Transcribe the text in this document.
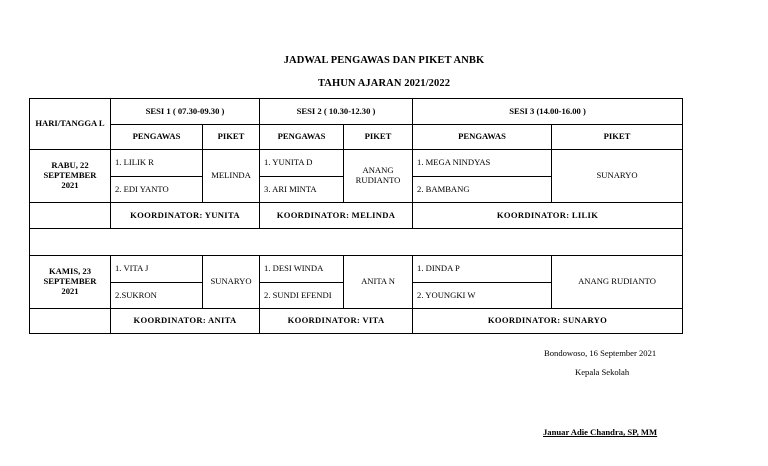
JADWAL PENGAWAS DAN PIKET ANBK
TAHUN AJARAN 2021/2022
HARI/TANGGA L	SESI 1 ( 07.30-09.30 )		SESI 2 ( 10.30-12.30 )		SESI 3 (14.00-16.00 )	
	PENGAWAS	PIKET	PENGAWAS	PIKET	PENGAWAS	PIKET
RABU, 22 SEPTEMBER 2021	1. LILIK R	MELINDA	1. YUNITA D	ANANG RUDIANTO	1. MEGA NINDYAS	SUNARYO
	2. EDI YANTO		3. ARI MINTA		2. BAMBANG	
	KOORDINATOR: YUNITA		KOORDINATOR: MELINDA		KOORDINATOR: LILIK	

KAMIS, 23 SEPTEMBER 2021	1. VITA J	SUNARYO	1. DESI WINDA	ANITA N	1. DINDA P	ANANG RUDIANTO
	2.SUKRON		2. SUNDI EFENDI		2. YOUNGKI W	
	KOORDINATOR: ANITA		KOORDINATOR: VITA		KOORDINATOR: SUNARYO	
Bondowoso, 16 September 2021
Kepala Sekolah
Januar Adie Chandra, SP, MM
